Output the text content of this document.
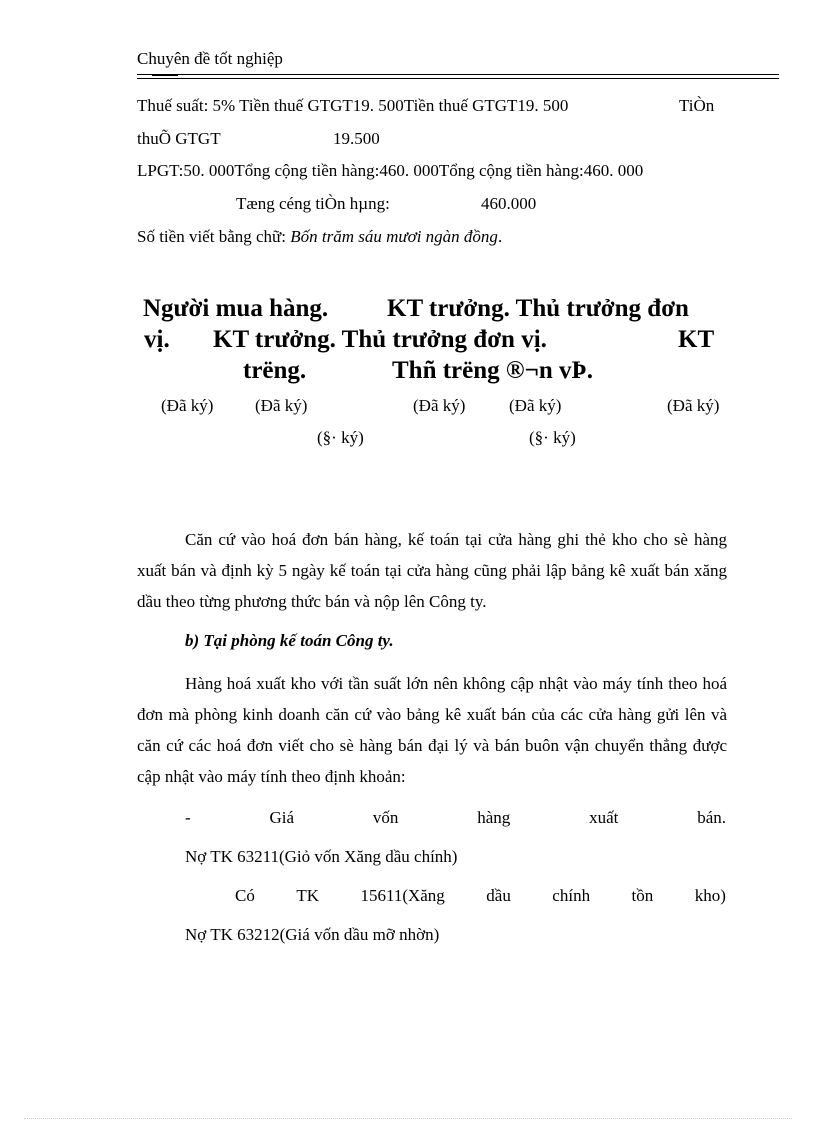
Chuyên đề tốt nghiệp
Thuế suất: 5% Tiền thuế GTGT19. 500Tiền thuế GTGT19. 500	TiÒn
thuÕ GTGT	19.500
LPGT:50. 000Tổng cộng tiền hàng:460. 000Tổng cộng tiền hàng:460. 000
Tæng céng tiÒn hµng:	460.000
Số tiền viết bằng chữ: Bốn trăm sáu mươi ngàn đồng.
Người mua hàng. KT trưởng. Thủ trưởng đơn
vị. KT trưởng. Thủ trưởng đơn vị.	KT
trëng.	Thñ trëng ®¬n vÞ.
(Đã ký) (Đã ký)	(Đã ký)	(Đã ký)	(Đã ký)
(§· ký)	(§· ký)
Căn cứ vào hoá đơn bán hàng, kế toán tại cửa hàng ghi thẻ kho cho sè hàng xuất bán và định kỳ 5 ngày kế toán tại cửa hàng cũng phải lập bảng kê xuất bán xăng dầu theo từng phương thức bán và nộp lên Công ty.
b) Tại phòng kế toán Công ty.
Hàng hoá xuất kho với tần suất lớn nên không cập nhật vào máy tính theo hoá đơn mà phòng kinh doanh căn cứ vào bảng kê xuất bán của các cửa hàng gửi lên và căn cứ các hoá đơn viết cho sè hàng bán đại lý và bán buôn vận chuyển thẳng được cập nhật vào máy tính theo định khoản:
-	Giá	vốn	hàng	xuất	bán.
Nợ TK 63211(Giỏ vốn Xăng dầu chính)
Có TK 15611(Xăng dầu chính tồn kho)
Nợ TK 63212(Giá vốn dầu mỡ nhờn)
